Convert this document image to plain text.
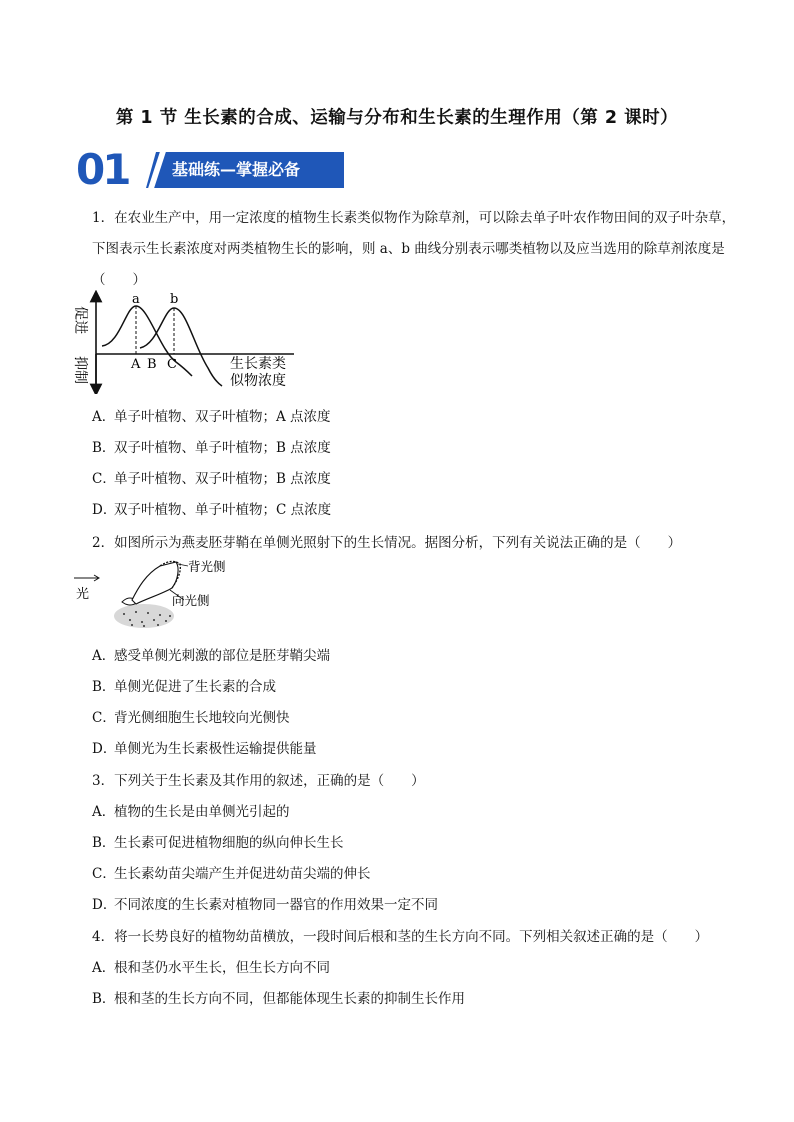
第 1 节 生长素的合成、运输与分布和生长素的生理作用（第 2 课时）
01	基础练—掌握必备
1．在农业生产中，用一定浓度的植物生长素类似物作为除草剂，可以除去单子叶农作物田间的双子叶杂草，
下图表示生长素浓度对两类植物生长的影响，则 a、b 曲线分别表示哪类植物以及应当选用的除草剂浓度是
（　　）
促进
抑制
a b
A B C	生长素类
似物浓度
A．单子叶植物、双子叶植物；A 点浓度
B．双子叶植物、单子叶植物；B 点浓度
C．单子叶植物、双子叶植物；B 点浓度
D．双子叶植物、单子叶植物；C 点浓度
2．如图所示为燕麦胚芽鞘在单侧光照射下的生长情况。据图分析，下列有关说法正确的是（　　）
光
背光侧
向光侧
A．感受单侧光刺激的部位是胚芽鞘尖端
B．单侧光促进了生长素的合成
C．背光侧细胞生长地较向光侧快
D．单侧光为生长素极性运输提供能量
3．下列关于生长素及其作用的叙述，正确的是（　　）
A．植物的生长是由单侧光引起的
B．生长素可促进植物细胞的纵向伸长生长
C．生长素幼苗尖端产生并促进幼苗尖端的伸长
D．不同浓度的生长素对植物同一器官的作用效果一定不同
4．将一长势良好的植物幼苗横放，一段时间后根和茎的生长方向不同。下列相关叙述正确的是（　　）
A．根和茎仍水平生长，但生长方向不同
B．根和茎的生长方向不同，但都能体现生长素的抑制生长作用
